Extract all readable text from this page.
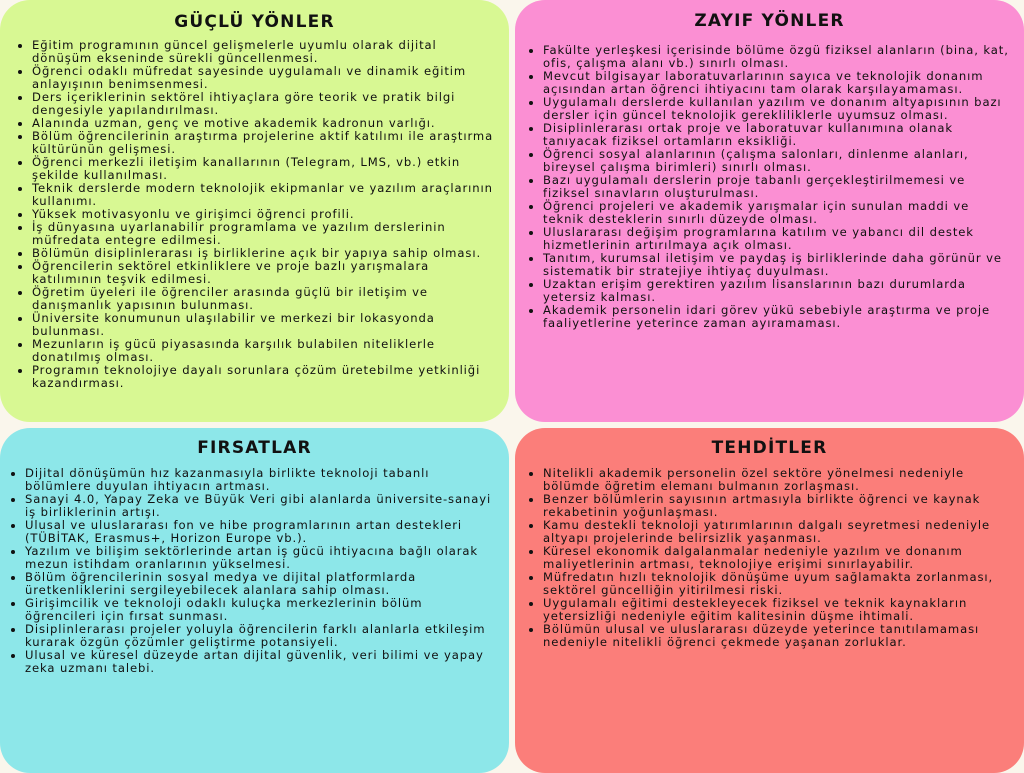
GÜÇLÜ YÖNLER
• Eğitim programının güncel gelişmelerle uyumlu olarak dijital dönüşüm ekseninde sürekli güncellenmesi.
• Öğrenci odaklı müfredat sayesinde uygulamalı ve dinamik eğitim anlayışının benimsenmesi.
• Ders içeriklerinin sektörel ihtiyaçlara göre teorik ve pratik bilgi dengesiyle yapılandırılması.
• Alanında uzman, genç ve motive akademik kadronun varlığı.
• Bölüm öğrencilerinin araştırma projelerine aktif katılımı ile araştırma kültürünün gelişmesi.
• Öğrenci merkezli iletişim kanallarının (Telegram, LMS, vb.) etkin şekilde kullanılması.
• Teknik derslerde modern teknolojik ekipmanlar ve yazılım araçlarının kullanımı.
• Yüksek motivasyonlu ve girişimci öğrenci profili.
• İş dünyasına uyarlanabilir programlama ve yazılım derslerinin müfredata entegre edilmesi.
• Bölümün disiplinlerarası iş birliklerine açık bir yapıya sahip olması.
• Öğrencilerin sektörel etkinliklere ve proje bazlı yarışmalara katılımının teşvik edilmesi.
• Öğretim üyeleri ile öğrenciler arasında güçlü bir iletişim ve danışmanlık yapısının bulunması.
• Üniversite konumunun ulaşılabilir ve merkezi bir lokasyonda bulunması.
• Mezunların iş gücü piyasasında karşılık bulabilen niteliklerle donatılmış olması.
• Programın teknolojiye dayalı sorunlara çözüm üretebilme yetkinliği kazandırması.
ZAYIF YÖNLER
• Fakülte yerleşkesi içerisinde bölüme özgü fiziksel alanların (bina, kat, ofis, çalışma alanı vb.) sınırlı olması.
• Mevcut bilgisayar laboratuvarlarının sayıca ve teknolojik donanım açısından artan öğrenci ihtiyacını tam olarak karşılayamaması.
• Uygulamalı derslerde kullanılan yazılım ve donanım altyapısının bazı dersler için güncel teknolojik gerekliliklerle uyumsuz olması.
• Disiplinlerarası ortak proje ve laboratuvar kullanımına olanak tanıyacak fiziksel ortamların eksikliği.
• Öğrenci sosyal alanlarının (çalışma salonları, dinlenme alanları, bireysel çalışma birimleri) sınırlı olması.
• Bazı uygulamalı derslerin proje tabanlı gerçekleştirilmemesi ve fiziksel sınavların oluşturulması.
• Öğrenci projeleri ve akademik yarışmalar için sunulan maddi ve teknik desteklerin sınırlı düzeyde olması.
• Uluslararası değişim programlarına katılım ve yabancı dil destek hizmetlerinin artırılmaya açık olması.
• Tanıtım, kurumsal iletişim ve paydaş iş birliklerinde daha görünür ve sistematik bir stratejiye ihtiyaç duyulması.
• Uzaktan erişim gerektiren yazılım lisanslarının bazı durumlarda yetersiz kalması.
• Akademik personelin idari görev yükü sebebiyle araştırma ve proje faaliyetlerine yeterince zaman ayıramaması.
FIRSATLAR
• Dijital dönüşümün hız kazanmasıyla birlikte teknoloji tabanlı bölümlere duyulan ihtiyacın artması.
• Sanayi 4.0, Yapay Zeka ve Büyük Veri gibi alanlarda üniversite-sanayi iş birliklerinin artışı.
• Ulusal ve uluslararası fon ve hibe programlarının artan destekleri (TÜBİTAK, Erasmus+, Horizon Europe vb.).
• Yazılım ve bilişim sektörlerinde artan iş gücü ihtiyacına bağlı olarak mezun istihdam oranlarının yükselmesi.
• Bölüm öğrencilerinin sosyal medya ve dijital platformlarda üretkenliklerini sergileyebilecek alanlara sahip olması.
• Girişimcilik ve teknoloji odaklı kuluçka merkezlerinin bölüm öğrencileri için fırsat sunması.
• Disiplinlerarası projeler yoluyla öğrencilerin farklı alanlarla etkileşim kurarak özgün çözümler geliştirme potansiyeli.
• Ulusal ve küresel düzeyde artan dijital güvenlik, veri bilimi ve yapay zeka uzmanı talebi.
TEHDİTLER
• Nitelikli akademik personelin özel sektöre yönelmesi nedeniyle bölümde öğretim elemanı bulmanın zorlaşması.
• Benzer bölümlerin sayısının artmasıyla birlikte öğrenci ve kaynak rekabetinin yoğunlaşması.
• Kamu destekli teknoloji yatırımlarının dalgalı seyretmesi nedeniyle altyapı projelerinde belirsizlik yaşanması.
• Küresel ekonomik dalgalanmalar nedeniyle yazılım ve donanım maliyetlerinin artması, teknolojiye erişimi sınırlayabilir.
• Müfredatın hızlı teknolojik dönüşüme uyum sağlamakta zorlanması, sektörel güncelliğin yitirilmesi riski.
• Uygulamalı eğitimi destekleyecek fiziksel ve teknik kaynakların yetersizliği nedeniyle eğitim kalitesinin düşme ihtimali.
• Bölümün ulusal ve uluslararası düzeyde yeterince tanıtılamaması nedeniyle nitelikli öğrenci çekmede yaşanan zorluklar.
